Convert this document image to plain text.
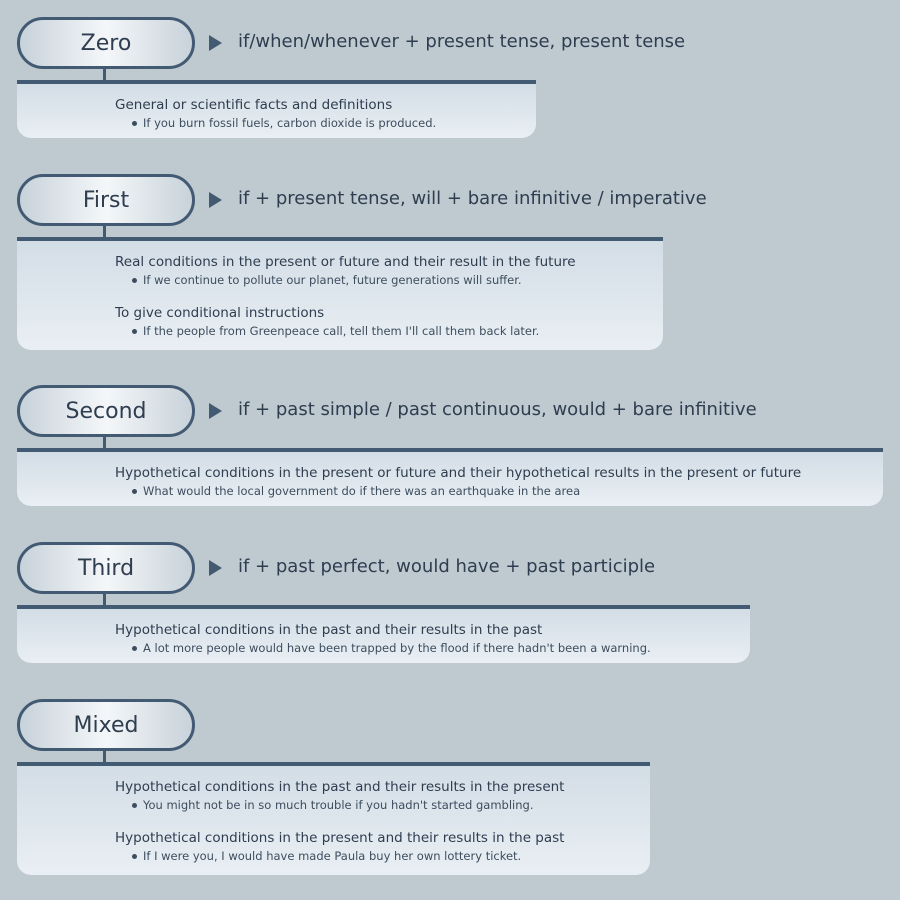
Zero	if/when/whenever + present tense, present tense
General or scientific facts and definitions
If you burn fossil fuels, carbon dioxide is produced.
First	if + present tense, will + bare infinitive / imperative
Real conditions in the present or future and their result in the future
If we continue to pollute our planet, future generations will suffer.
To give conditional instructions
If the people from Greenpeace call, tell them I'll call them back later.
Second	if + past simple / past continuous, would + bare infinitive
Hypothetical conditions in the present or future and their hypothetical results in the present or future
What would the local government do if there was an earthquake in the area
Third	if + past perfect, would have + past participle
Hypothetical conditions in the past and their results in the past
A lot more people would have been trapped by the flood if there hadn't been a warning.
Mixed
Hypothetical conditions in the past and their results in the present
You might not be in so much trouble if you hadn't started gambling.
Hypothetical conditions in the present and their results in the past
If I were you, I would have made Paula buy her own lottery ticket.
